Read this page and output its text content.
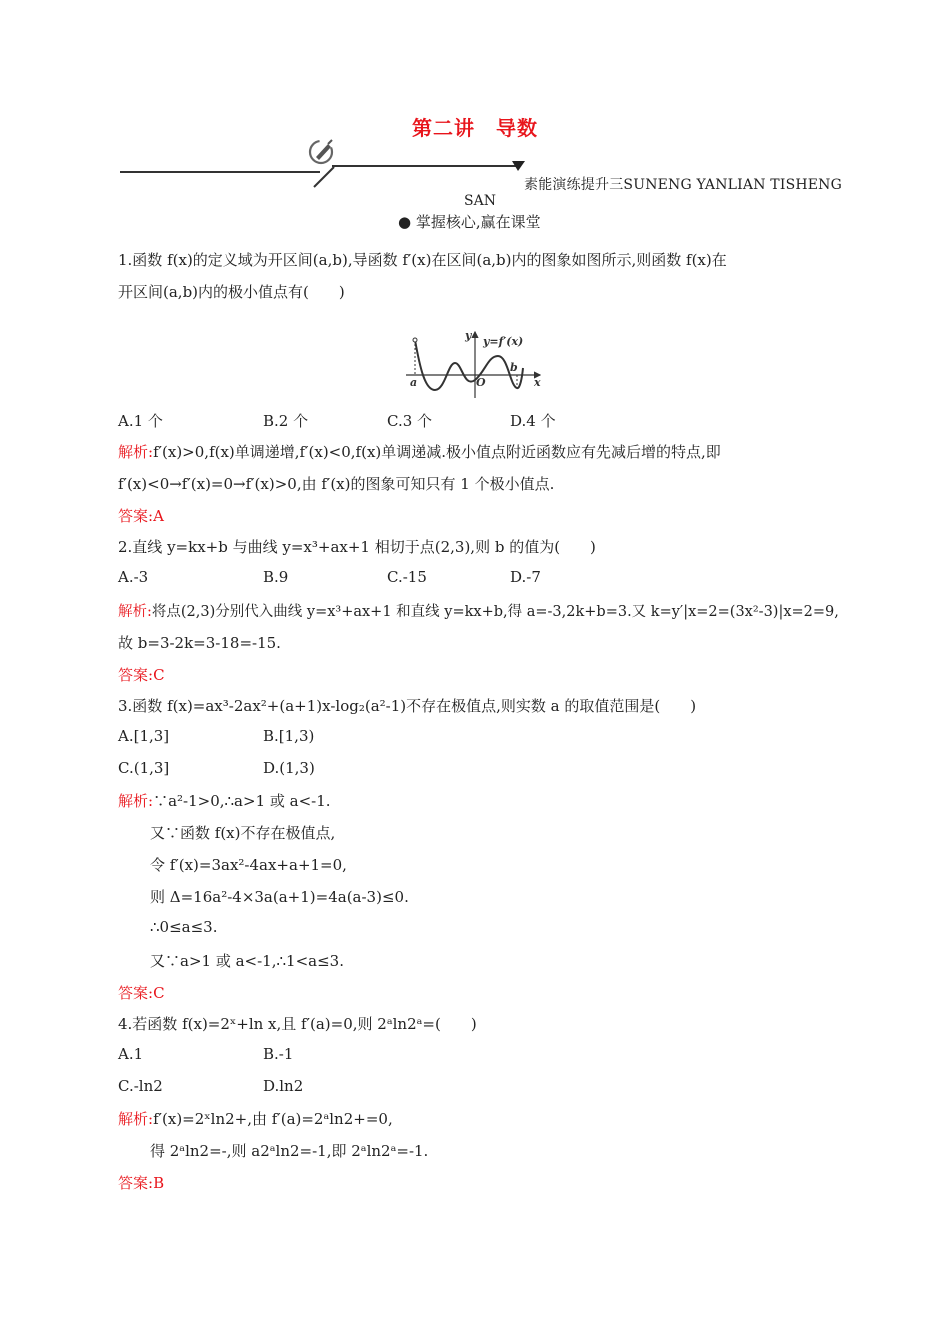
第二讲　导数
素能演练提升三SUNENG YANLIAN TISHENG
SAN
● 掌握核心,赢在课堂
1.函数 f(x)的定义域为开区间(a,b),导函数 f′(x)在区间(a,b)内的图象如图所示,则函数 f(x)在
开区间(a,b)内的极小值点有(　　)
a	O
b
x
y y=f′(x)
A.1 个	B.2 个	C.3 个	D.4 个
解析:f′(x)>0,f(x)单调递增,f′(x)<0,f(x)单调递减.极小值点附近函数应有先减后增的特点,即
f′(x)<0→f′(x)=0→f′(x)>0,由 f′(x)的图象可知只有 1 个极小值点.
答案:A
2.直线 y=kx+b 与曲线 y=x³+ax+1 相切于点(2,3),则 b 的值为(　　)
A.-3	B.9	C.-15	D.-7
解析:将点(2,3)分别代入曲线 y=x³+ax+1 和直线 y=kx+b,得 a=-3,2k+b=3.又 k=y′|x=2=(3x²-3)|x=2=9,
故 b=3-2k=3-18=-15.
答案:C
3.函数 f(x)=ax³-2ax²+(a+1)x-log₂(a²-1)不存在极值点,则实数 a 的取值范围是(　　)
A.[1,3]	B.[1,3)
C.(1,3]	D.(1,3)
解析:∵a²-1>0,∴a>1 或 a<-1.
又∵函数 f(x)不存在极值点,
令 f′(x)=3ax²-4ax+a+1=0,
则 Δ=16a²-4×3a(a+1)=4a(a-3)≤0.
∴0≤a≤3.
又∵a>1 或 a<-1,∴1<a≤3.
答案:C
4.若函数 f(x)=2ˣ+ln x,且 f′(a)=0,则 2ᵃln2ᵃ=(　　)
A.1	B.-1
C.-ln2	D.ln2
解析:f′(x)=2ˣln2+,由 f′(a)=2ᵃln2+=0,
得 2ᵃln2=-,则 a2ᵃln2=-1,即 2ᵃln2ᵃ=-1.
答案:B
